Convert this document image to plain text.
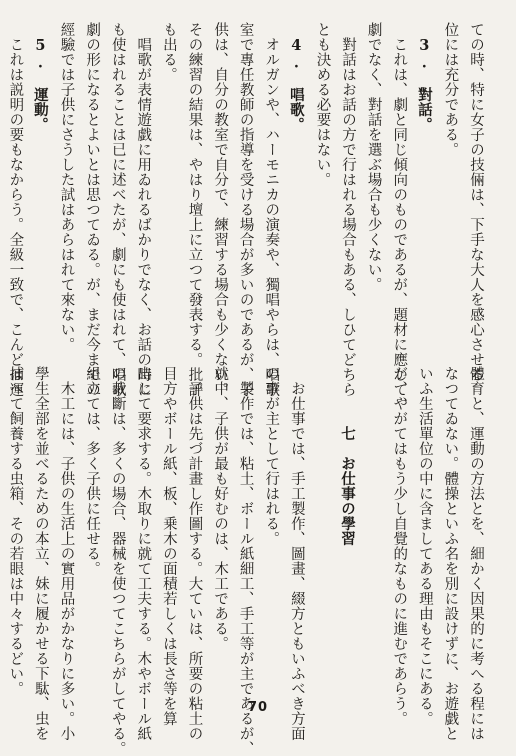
ての時、特に女子の技倆は、下手な大人を感心させる
位には充分である。
　3.　對話。
　これは、劇と同じ傾向のものであるが、題材に應じて、
劇でなく、對話を選ぶ場合も少くない。
　對話はお話の方で行はれる場合もある、しひてどちら
とも決める必要はない。
　4.　唱歌。
　オルガンや、ハーモニカの演奏や、獨唱やらは、唱歌
室で專任教師の指導を受ける場合が多いのであるが、子
供は、自分の教室で自分で、練習する場合も少くない。
その練習の結果は、やはり壇上に立つて發表する。批評
も出る。
　唱歌が表情遊戯に用ゐれるばかりでなく、お話の時に
も使はれることは已に述べたが、劇にも使はれて、唱歌
劇の形になるとよいとは思つてゐる。が、まだ今までの
經驗では子供にさうした試はあらはれて來ない。
　5.　運動。
　これは説明の要もなからう。全級一致で、こんどは運
體育と、運動の方法とを、細かく因果的に考へる程には
なつてゐない。體操といふ名を別に設けずに、お遊戯と
いふ生活單位の中に含ましてある理由もそこにある。
が、やがてはもう少し自覺的なものに進むであらう。

　　　　七　お仕事の學習

　お仕事では、手工製作、圖畫、綴方ともいふべき方面
の事が主として行はれる。
　製作では、粘土、ボール紙細工、手工等が主であるが、
就中、子供が最も好むのは、木工である。
　子供は先づ計畫し作圖する。大ていは、所要の粘土の
目方やボール紙、板、乗木の面積若しくは長さ等を算
出して要求する。木取りに就て工夫する。木やボール紙
の裁斷は、多くの場合、器械を使つてこちらがしてやる。
組立ては、多く子供に任せる。
　木工には、子供の生活上の實用品がかなりに多い。小
學生全部を並べるための本立、妹に履かせる下駄、虫を
捕へて飼養する虫箱、その若眼は中々するどい。
70
